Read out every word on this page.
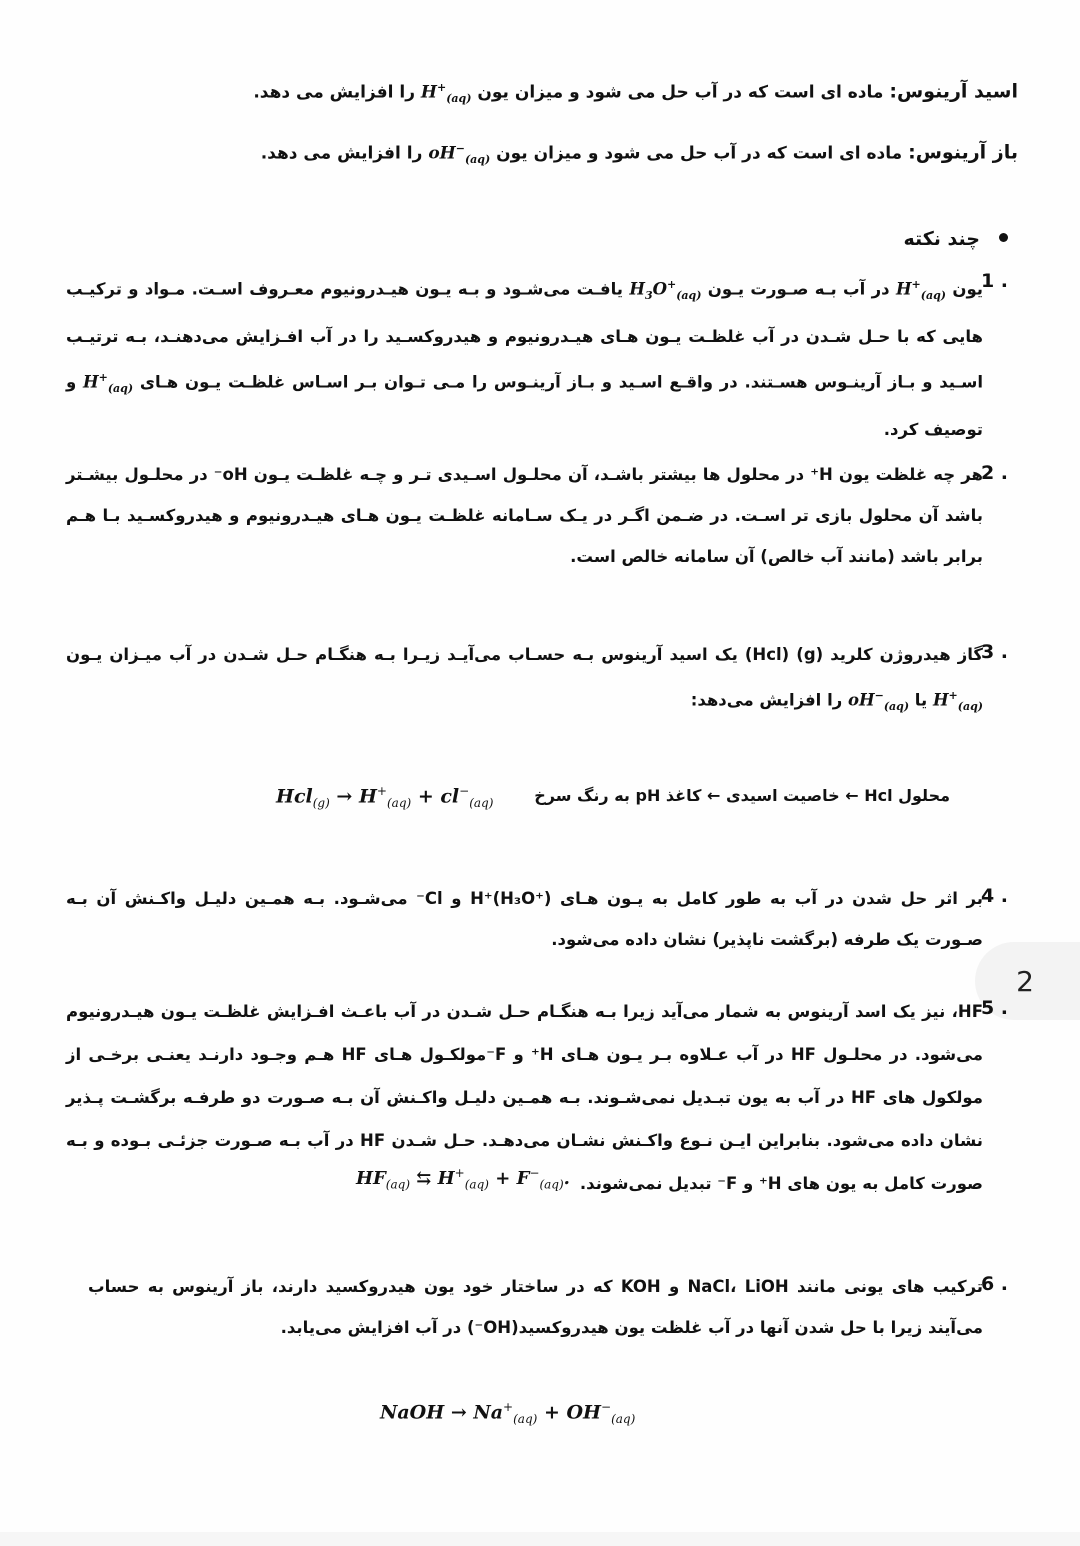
اسید آرینوس: ماده ای است که در آب حل می شود و میزان یون $H^+_{(aq)}$ را افزایش می دهد.
باز آرینوس: ماده ای است که در آب حل می شود و میزان یون $oH^-_{(aq)}$ را افزایش می دهد.
چند نکته
1 .
یون $H^+_{(aq)}$ در آب بـه صـورت یـون $H_3O^+_{(aq)}$ یافـت می‌شـود و بـه یـون هیـدرونیوم معـروف اسـت. مـواد و ترکیـب هایی که با حـل شـدن در آب غلظـت یـون هـای هیـدرونیوم و هیدروکسـید را در آب افـزایش می‌دهنـد، بـه ترتیـب اسـید و بـاز آرینـوس هسـتند. در واقـع اسـید و بـاز آرینـوس را مـی تـوان بـر اسـاس غلظـت یـون هـای $H^+_{(aq)}$ و توصیف کرد.
2 .
هر چه غلظت یون H⁺ در محلول ها بیشتر باشـد، آن محلـول اسـیدی تـر و چـه غلظـت یـون oH⁻ در محلـول بیشـتر باشد آن محلول بازی تر اسـت. در ضـمن اگـر در یـک سـامانه غلظـت یـون هـای هیـدرونیوم و هیدروکسـید بـا هـم برابر باشد (مانند آب خالص) آن سامانه خالص است.
3 .
گاز هیدروژن کلرید (g) (Hcl) یک اسید آرینوس بـه حسـاب می‌آیـد زیـرا بـه هنگـام حـل شـدن در آب میـزان یـون $H^+_{(aq)}$ یا $oH^-_{(aq)}$ را افزایش می‌دهد:
$Hcl_{(g)} \to H^+_{(aq)} + cl^-_{(aq)}$	محلول Hcl ← خاصیت اسیدی ← کاغذ pH به رنگ سرخ
4 .
بر اثر حل شدن در آب به طور کامل به یـون هـای H⁺(H₃O⁺) و Cl⁻ می‌شـود. بـه همـین دلیـل واکـنش آن بـه صـورت یک طرفه (برگشت ناپذیر) نشان داده می‌شود.
2
5 .
HF، نیز یک اسد آرینوس به شمار می‌آید زیرا بـه هنگـام حـل شـدن در آب باعـث افـزایش غلظـت یـون هیـدرونیوم می‌شود. در محلـول HF در آب عـلاوه بـر یـون هـای H⁺ و F⁻مولکـول هـای HF هـم وجـود دارنـد یعنـی برخـی از مولکول های HF در آب به یون تبـدیل نمی‌شـوند. بـه همـین دلیـل واکـنش آن بـه صـورت دو طرفـه برگشـت پـذیر نشان داده می‌شود. بنابراین ایـن نـوع واکـنش نشـان می‌دهـد. حـل شـدن HF در آب بـه صـورت جزئـی بـوده و بـه صورت کامل به یون های H⁺ و F⁻ تبدیل نمی‌شوند.
$HF_{(aq)}$ ⇆ $H^+_{(aq)} + F^-_{(aq)}$.
6 .
ترکیب های یونی مانند NaCl، LiOH و KOH که در ساختار خود یون هیدروکسید دارند، باز آرینوس به حساب می‌آیند زیرا با حل شدن آنها در آب غلظت یون هیدروکسید(OH⁻) در آب افزایش می‌یابد.
NaOH → $Na^+_{(aq)} + OH^-_{(aq)}$
